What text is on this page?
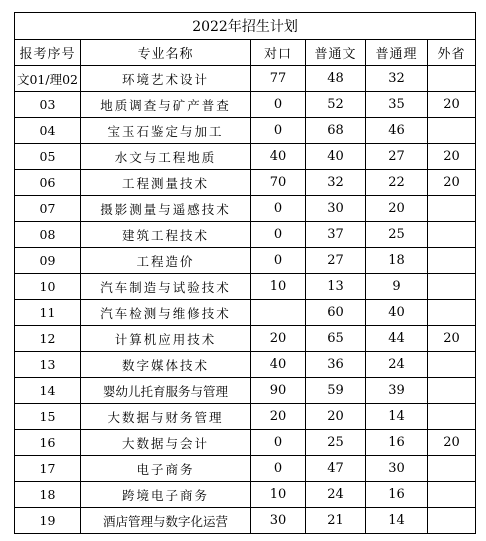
2022年招生计划					
报考序号	专业名称	对口	普通文	普通理	外省
文01/理02	环境艺术设计	77	48	32	
03	地质调查与矿产普查	0	52	35	20
04	宝玉石鉴定与加工	0	68	46	
05	水文与工程地质	40	40	27	20
06	工程测量技术	70	32	22	20
07	摄影测量与遥感技术	0	30	20	
08	建筑工程技术	0	37	25	
09	工程造价	0	27	18	
10	汽车制造与试验技术	10	13	9	
11	汽车检测与维修技术		60	40	
12	计算机应用技术	20	65	44	20
13	数字媒体技术	40	36	24	
14	婴幼儿托育服务与管理	90	59	39	
15	大数据与财务管理	20	20	14	
16	大数据与会计	0	25	16	20
17	电子商务	0	47	30	
18	跨境电子商务	10	24	16	
19	酒店管理与数字化运营	30	21	14	
